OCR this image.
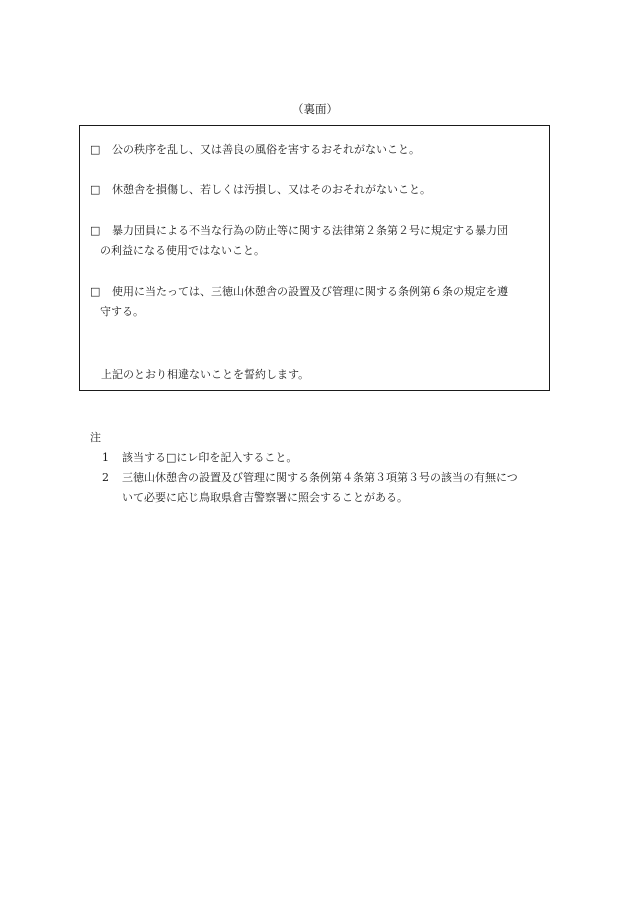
（裏面）
□ 公の秩序を乱し、又は善良の風俗を害するおそれがないこと。
□ 休憩舎を損傷し、若しくは汚損し、又はそのおそれがないこと。
□ 暴力団員による不当な行為の防止等に関する法律第２条第２号に規定する暴力団
の利益になる使用ではないこと。
□ 使用に当たっては、三徳山休憩舎の設置及び管理に関する条例第６条の規定を遵
守する。
上記のとおり相違ないことを誓約します。
注
1 該当する□にレ印を記入すること。
2 三徳山休憩舎の設置及び管理に関する条例第４条第３項第３号の該当の有無につ
いて必要に応じ鳥取県倉吉警察署に照会することがある。
